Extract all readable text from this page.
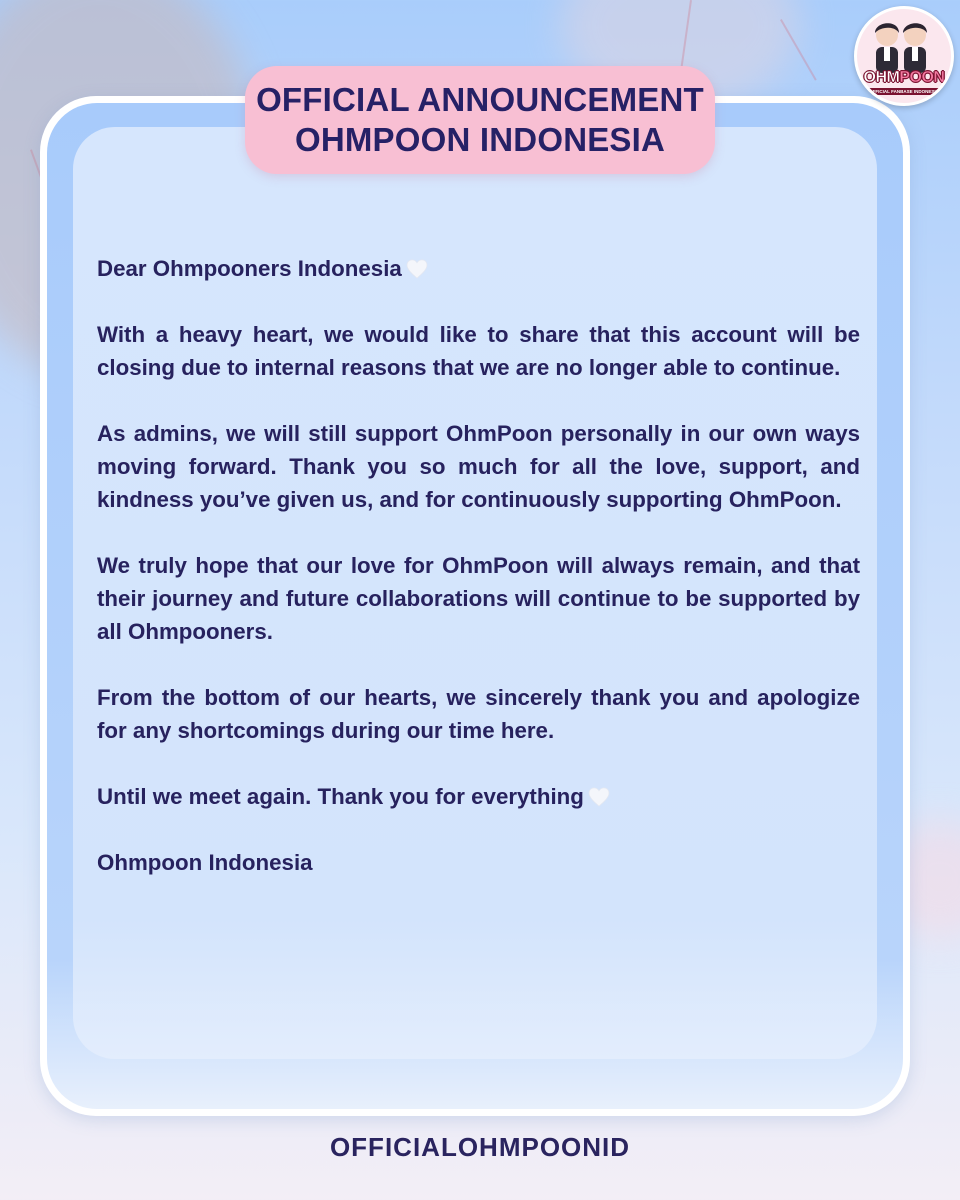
OFFICIAL ANNOUNCEMENT
OHMPOON INDONESIA

Dear Ohmpooners Indonesia

With a heavy heart, we would like to share that this account will be closing due to internal reasons that we are no longer able to continue.

As admins, we will still support OhmPoon personally in our own ways moving forward. Thank you so much for all the love, support, and kindness you’ve given us, and for continuously supporting OhmPoon.

We truly hope that our love for OhmPoon will always remain, and that their journey and future collaborations will continue to be supported by all Ohmpooners.

From the bottom of our hearts, we sincerely thank you and apologize for any shortcomings during our time here.

Until we meet again. Thank you for everything

Ohmpoon Indonesia

OFFICIALOHMPOONID
OHMPOON
OFFICIAL FANBASE INDONESIA
